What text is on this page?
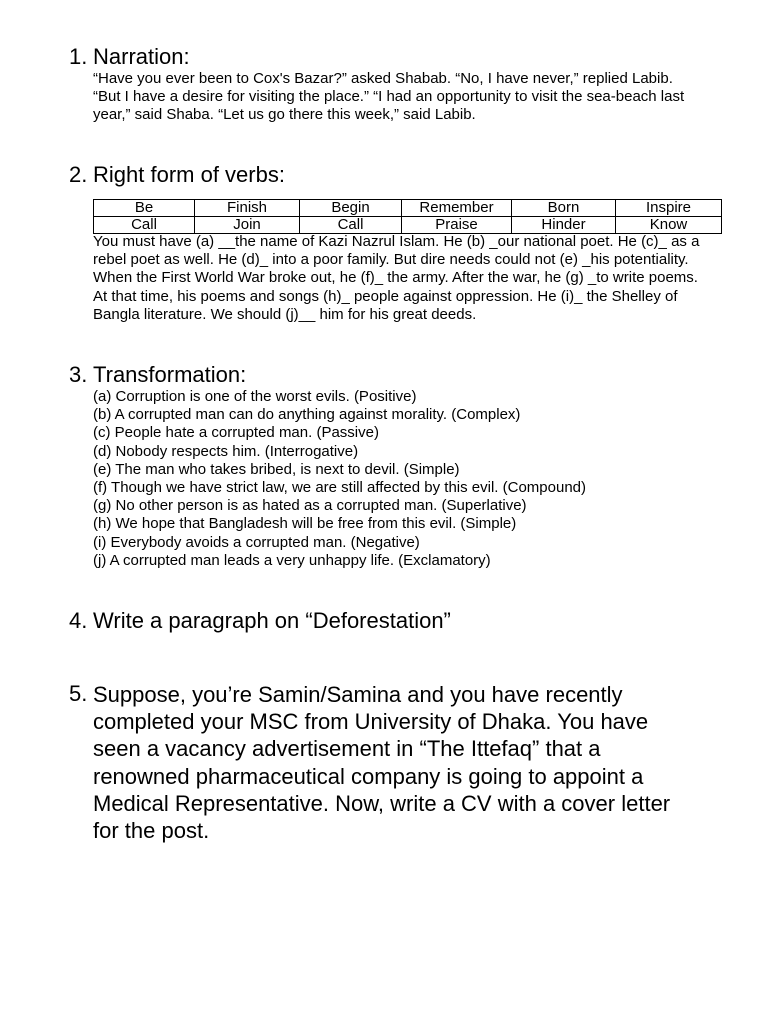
1. Narration:
“Have you ever been to Cox's Bazar?” asked Shabab. “No, I have never,” replied Labib.
“But I have a desire for visiting the place.” “I had an opportunity to visit the sea-beach last
year,” said Shaba. “Let us go there this week,” said Labib.
2. Right form of verbs:
Be	Finish	Begin	Remember	Born	Inspire
Call	Join	Call	Praise	Hinder	Know
You must have (a) __the name of Kazi Nazrul Islam. He (b) _our national poet. He (c)_ as a
rebel poet as well. He (d)_ into a poor family. But dire needs could not (e) _his potentiality.
When the First World War broke out, he (f)_ the army. After the war, he (g) _to write poems.
At that time, his poems and songs (h)_ people against oppression. He (i)_ the Shelley of
Bangla literature. We should (j)__ him for his great deeds.
3. Transformation:
(a) Corruption is one of the worst evils. (Positive)
(b) A corrupted man can do anything against morality. (Complex)
(c) People hate a corrupted man. (Passive)
(d) Nobody respects him. (Interrogative)
(e) The man who takes bribed, is next to devil. (Simple)
(f) Though we have strict law, we are still affected by this evil. (Compound)
(g) No other person is as hated as a corrupted man. (Superlative)
(h) We hope that Bangladesh will be free from this evil. (Simple)
(i) Everybody avoids a corrupted man. (Negative)
(j) A corrupted man leads a very unhappy life. (Exclamatory)
4. Write a paragraph on “Deforestation”
5. Suppose, you’re Samin/Samina and you have recently
completed your MSC from University of Dhaka. You have
seen a vacancy advertisement in “The Ittefaq” that a
renowned pharmaceutical company is going to appoint a
Medical Representative. Now, write a CV with a cover letter
for the post.
